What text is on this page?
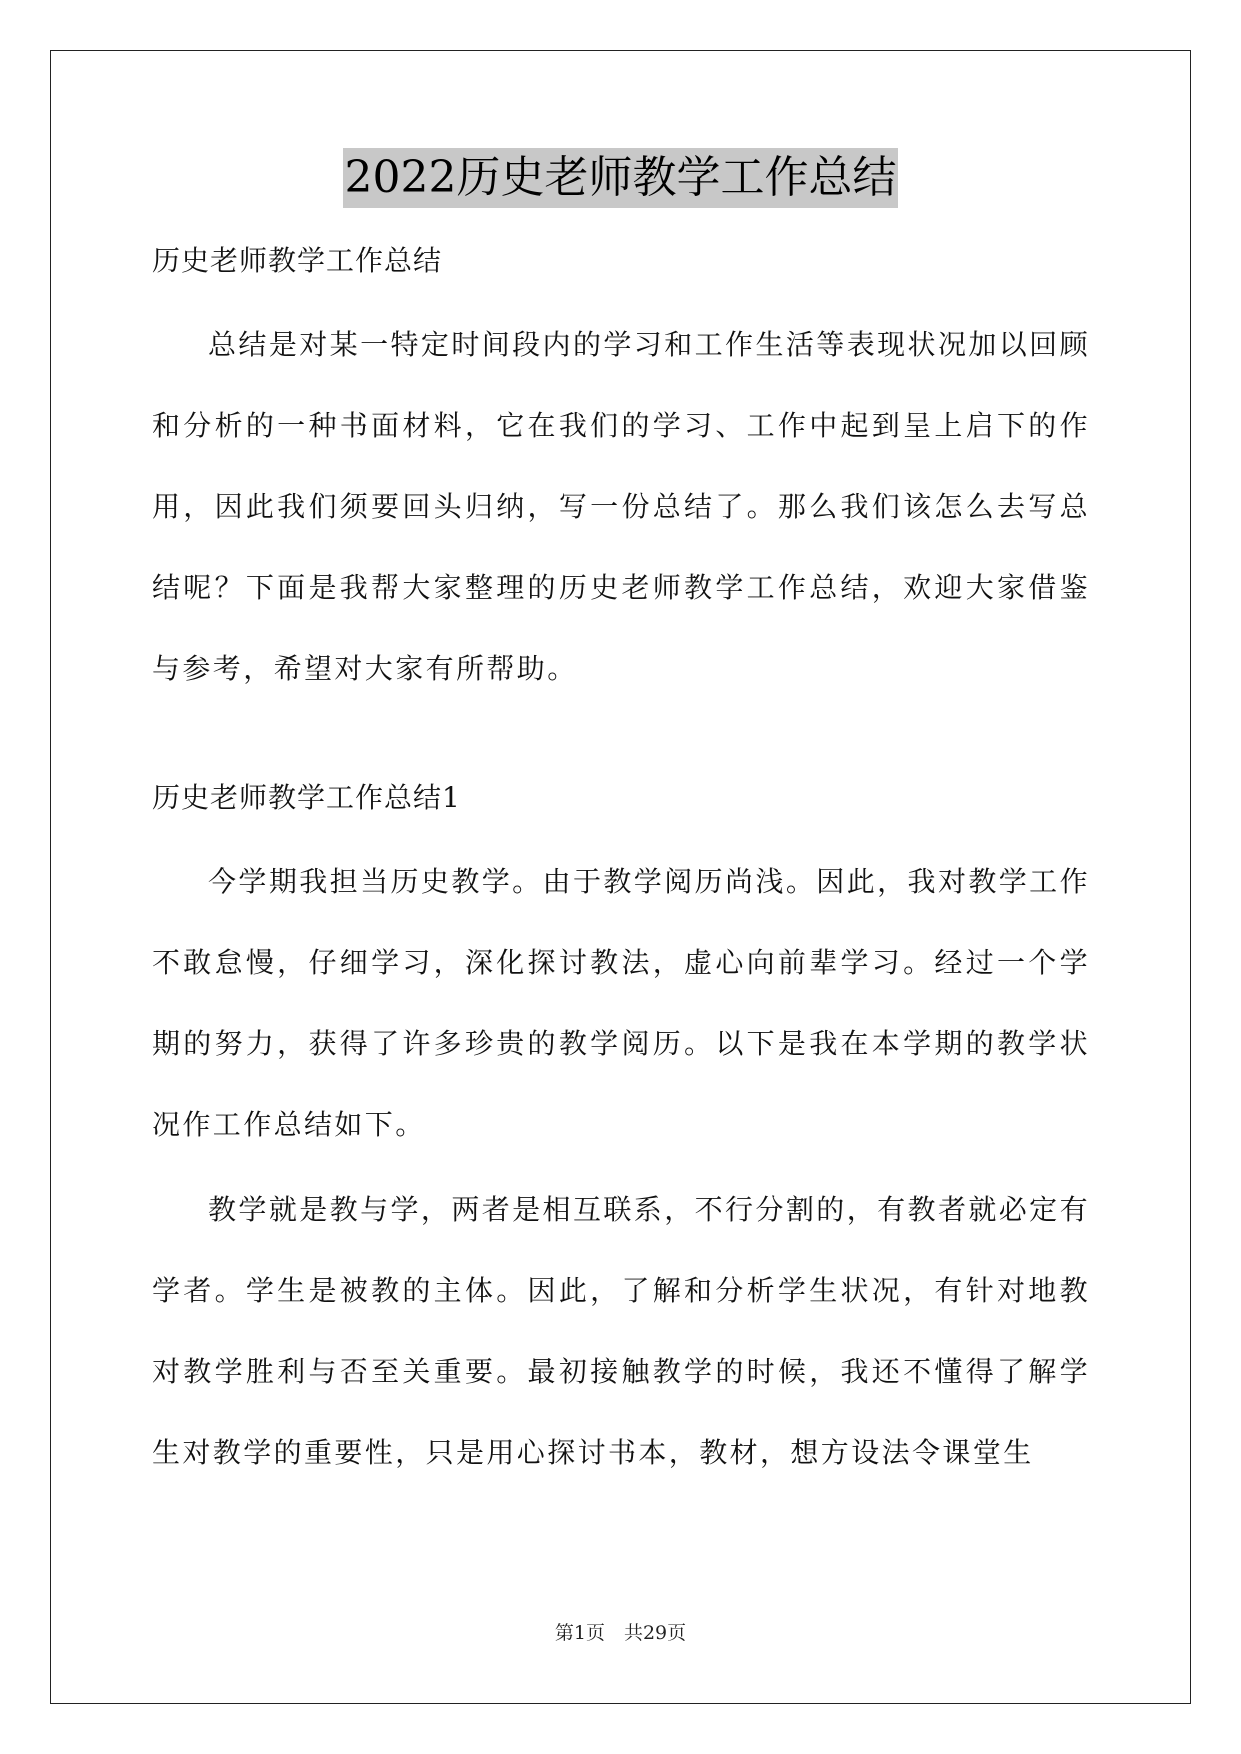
2022历史老师教学工作总结

历史老师教学工作总结

总结是对某一特定时间段内的学习和工作生活等表现状况加以回顾和分析的一种书面材料，它在我们的学习、工作中起到呈上启下的作用，因此我们须要回头归纳，写一份总结了。那么我们该怎么去写总结呢？下面是我帮大家整理的历史老师教学工作总结，欢迎大家借鉴与参考，希望对大家有所帮助。

历史老师教学工作总结1

今学期我担当历史教学。由于教学阅历尚浅。因此，我对教学工作不敢怠慢，仔细学习，深化探讨教法，虚心向前辈学习。经过一个学期的努力，获得了许多珍贵的教学阅历。以下是我在本学期的教学状况作工作总结如下。

教学就是教与学，两者是相互联系，不行分割的，有教者就必定有学者。学生是被教的主体。因此，了解和分析学生状况，有针对地教对教学胜利与否至关重要。最初接触教学的时候，我还不懂得了解学生对教学的重要性，只是用心探讨书本，教材，想方设法令课堂生

第1页　共29页
